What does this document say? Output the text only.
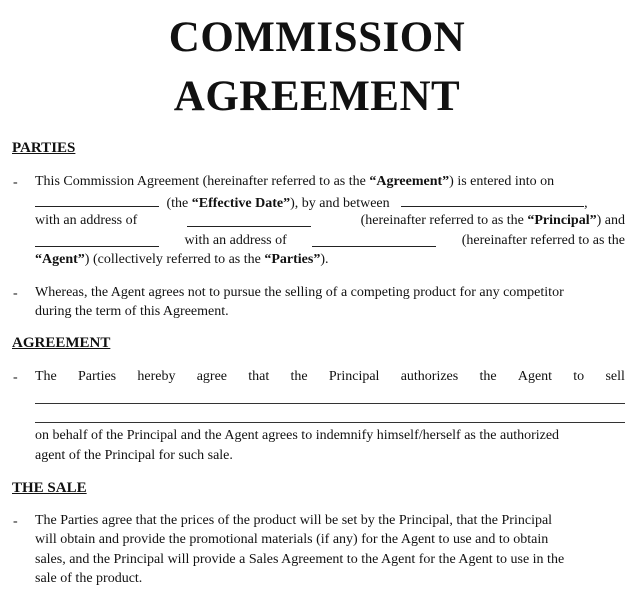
COMMISSION
AGREEMENT
PARTIES
- This Commission Agreement (hereinafter referred to as the “Agreement”) is entered into on
(the “Effective Date”), by and between	,
with an address of	(hereinafter referred to as the “Principal”) and
with an address of	(hereinafter referred to as the
“Agent”) (collectively referred to as the “Parties”).
- Whereas, the Agent agrees not to pursue the selling of a competing product for any competitor
during the term of this Agreement.
AGREEMENT
- The Parties hereby agree that the Principal authorizes the Agent to sell
on behalf of the Principal and the Agent agrees to indemnify himself/herself as the authorized
agent of the Principal for such sale.
THE SALE
- The Parties agree that the prices of the product will be set by the Principal, that the Principal
will obtain and provide the promotional materials (if any) for the Agent to use and to obtain
sales, and the Principal will provide a Sales Agreement to the Agent for the Agent to use in the
sale of the product.
